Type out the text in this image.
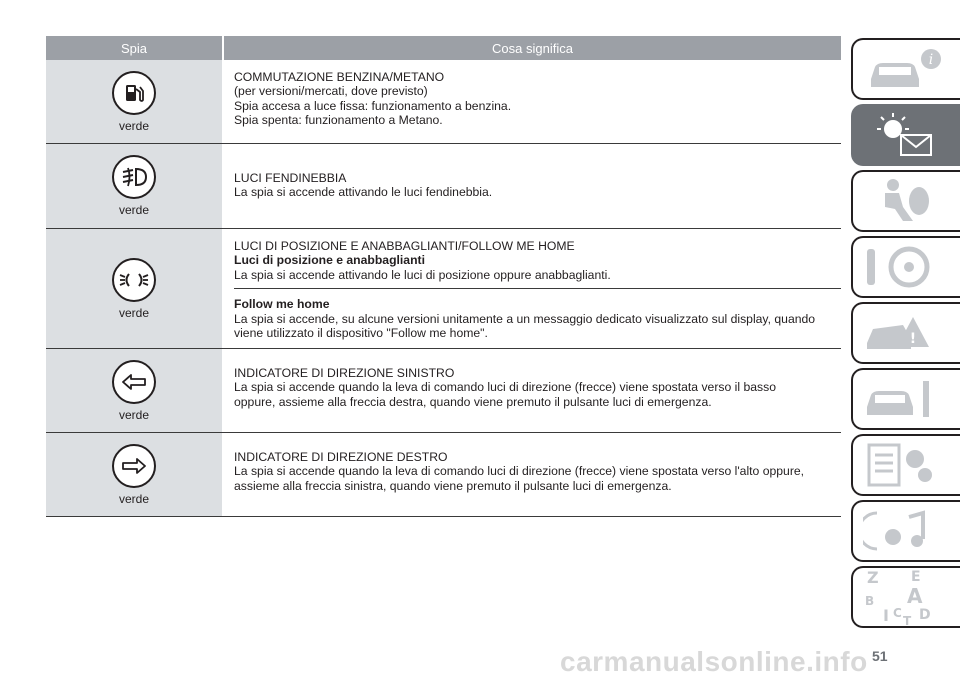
Spia	Cosa significa
verde
COMMUTAZIONE BENZINA/METANO
(per versioni/mercati, dove previsto)
Spia accesa a luce fissa: funzionamento a benzina.
Spia spenta: funzionamento a Metano.
verde
LUCI FENDINEBBIA
La spia si accende attivando le luci fendinebbia.
verde
LUCI DI POSIZIONE E ANABBAGLIANTI/FOLLOW ME HOME
Luci di posizione e anabbaglianti
La spia si accende attivando le luci di posizione oppure anabbaglianti.
Follow me home
La spia si accende, su alcune versioni unitamente a un messaggio dedicato visualizzato sul display, quando
viene utilizzato il dispositivo "Follow me home".
verde
INDICATORE DI DIREZIONE SINISTRO
La spia si accende quando la leva di comando luci di direzione (frecce) viene spostata verso il basso
oppure, assieme alla freccia destra, quando viene premuto il pulsante luci di emergenza.
verde
INDICATORE DI DIREZIONE DESTRO
La spia si accende quando la leva di comando luci di direzione (frecce) viene spostata verso l'alto oppure,
assieme alla freccia sinistra, quando viene premuto il pulsante luci di emergenza.
i
!
Z E
B A
I C D
T
51
carmanualsonline.info
